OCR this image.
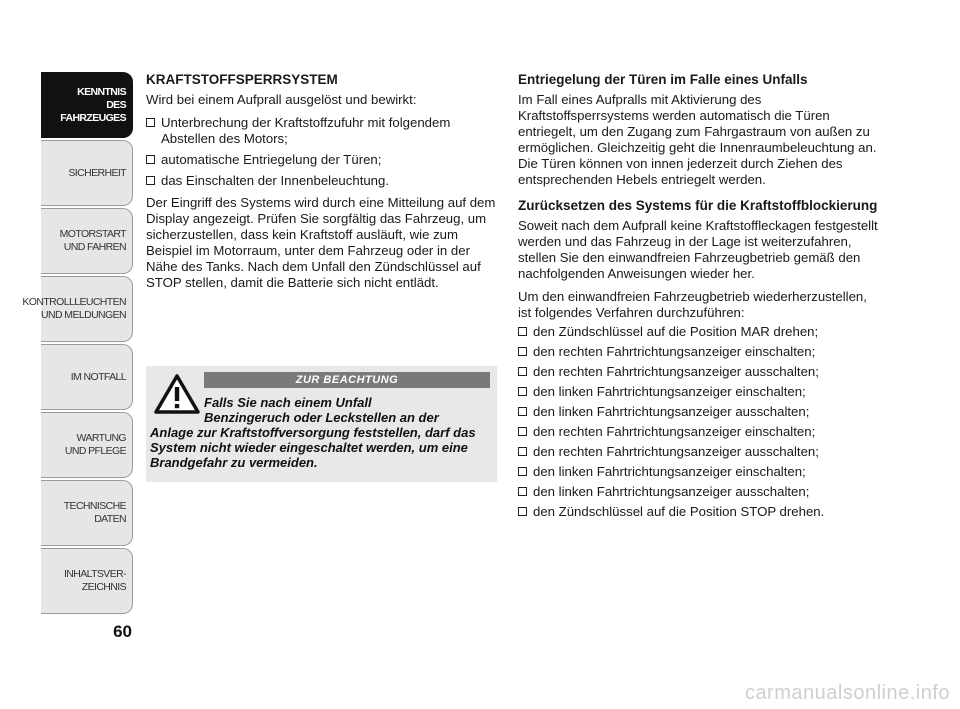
KENNTNIS
DES FAHRZEUGES
SICHERHEIT
MOTORSTART
UND FAHREN
KONTROLLLEUCHTEN
UND MELDUNGEN
IM NOTFALL
WARTUNG
UND PFLEGE
TECHNISCHE
DATEN
INHALTSVER-
ZEICHNIS
60
KRAFTSTOFFSPERRSYSTEM

Wird bei einem Aufprall ausgelöst und bewirkt:

Unterbrechung der Kraftstoffzufuhr mit folgendem Abstellen des Motors;
automatische Entriegelung der Türen;
das Einschalten der Innenbeleuchtung.

Der Eingriff des Systems wird durch eine Mitteilung auf dem Display angezeigt. Prüfen Sie sorgfältig das Fahrzeug, um sicherzustellen, dass kein Kraftstoff ausläuft, wie zum Beispiel im Motorraum, unter dem Fahrzeug oder in der Nähe des Tanks. Nach dem Unfall den Zündschlüssel auf STOP stellen, damit die Batterie sich nicht entlädt.

ZUR BEACHTUNG
Falls Sie nach einem Unfall
Benzingeruch oder Leckstellen an der
Anlage zur Kraftstoffversorgung feststellen, darf das System nicht wieder eingeschaltet werden, um eine Brandgefahr zu vermeiden.
Entriegelung der Türen im Falle eines Unfalls

Im Fall eines Aufpralls mit Aktivierung des Kraftstoffsperrsystems werden automatisch die Türen entriegelt, um den Zugang zum Fahrgastraum von außen zu ermöglichen. Gleichzeitig geht die Innenraumbeleuchtung an. Die Türen können von innen jederzeit durch Ziehen des entsprechenden Hebels entriegelt werden.

Zurücksetzen des Systems für die Kraftstoffblockierung

Soweit nach dem Aufprall keine Kraftstoffleckagen festgestellt werden und das Fahrzeug in der Lage ist weiterzufahren, stellen Sie den einwandfreien Fahrzeugbetrieb gemäß den nachfolgenden Anweisungen wieder her.

Um den einwandfreien Fahrzeugbetrieb wiederherzustellen, ist folgendes Verfahren durchzuführen:

den Zündschlüssel auf die Position MAR drehen;
den rechten Fahrtrichtungsanzeiger einschalten;
den rechten Fahrtrichtungsanzeiger ausschalten;
den linken Fahrtrichtungsanzeiger einschalten;
den linken Fahrtrichtungsanzeiger ausschalten;
den rechten Fahrtrichtungsanzeiger einschalten;
den rechten Fahrtrichtungsanzeiger ausschalten;
den linken Fahrtrichtungsanzeiger einschalten;
den linken Fahrtrichtungsanzeiger ausschalten;
den Zündschlüssel auf die Position STOP drehen.
carmanualsonline.info
